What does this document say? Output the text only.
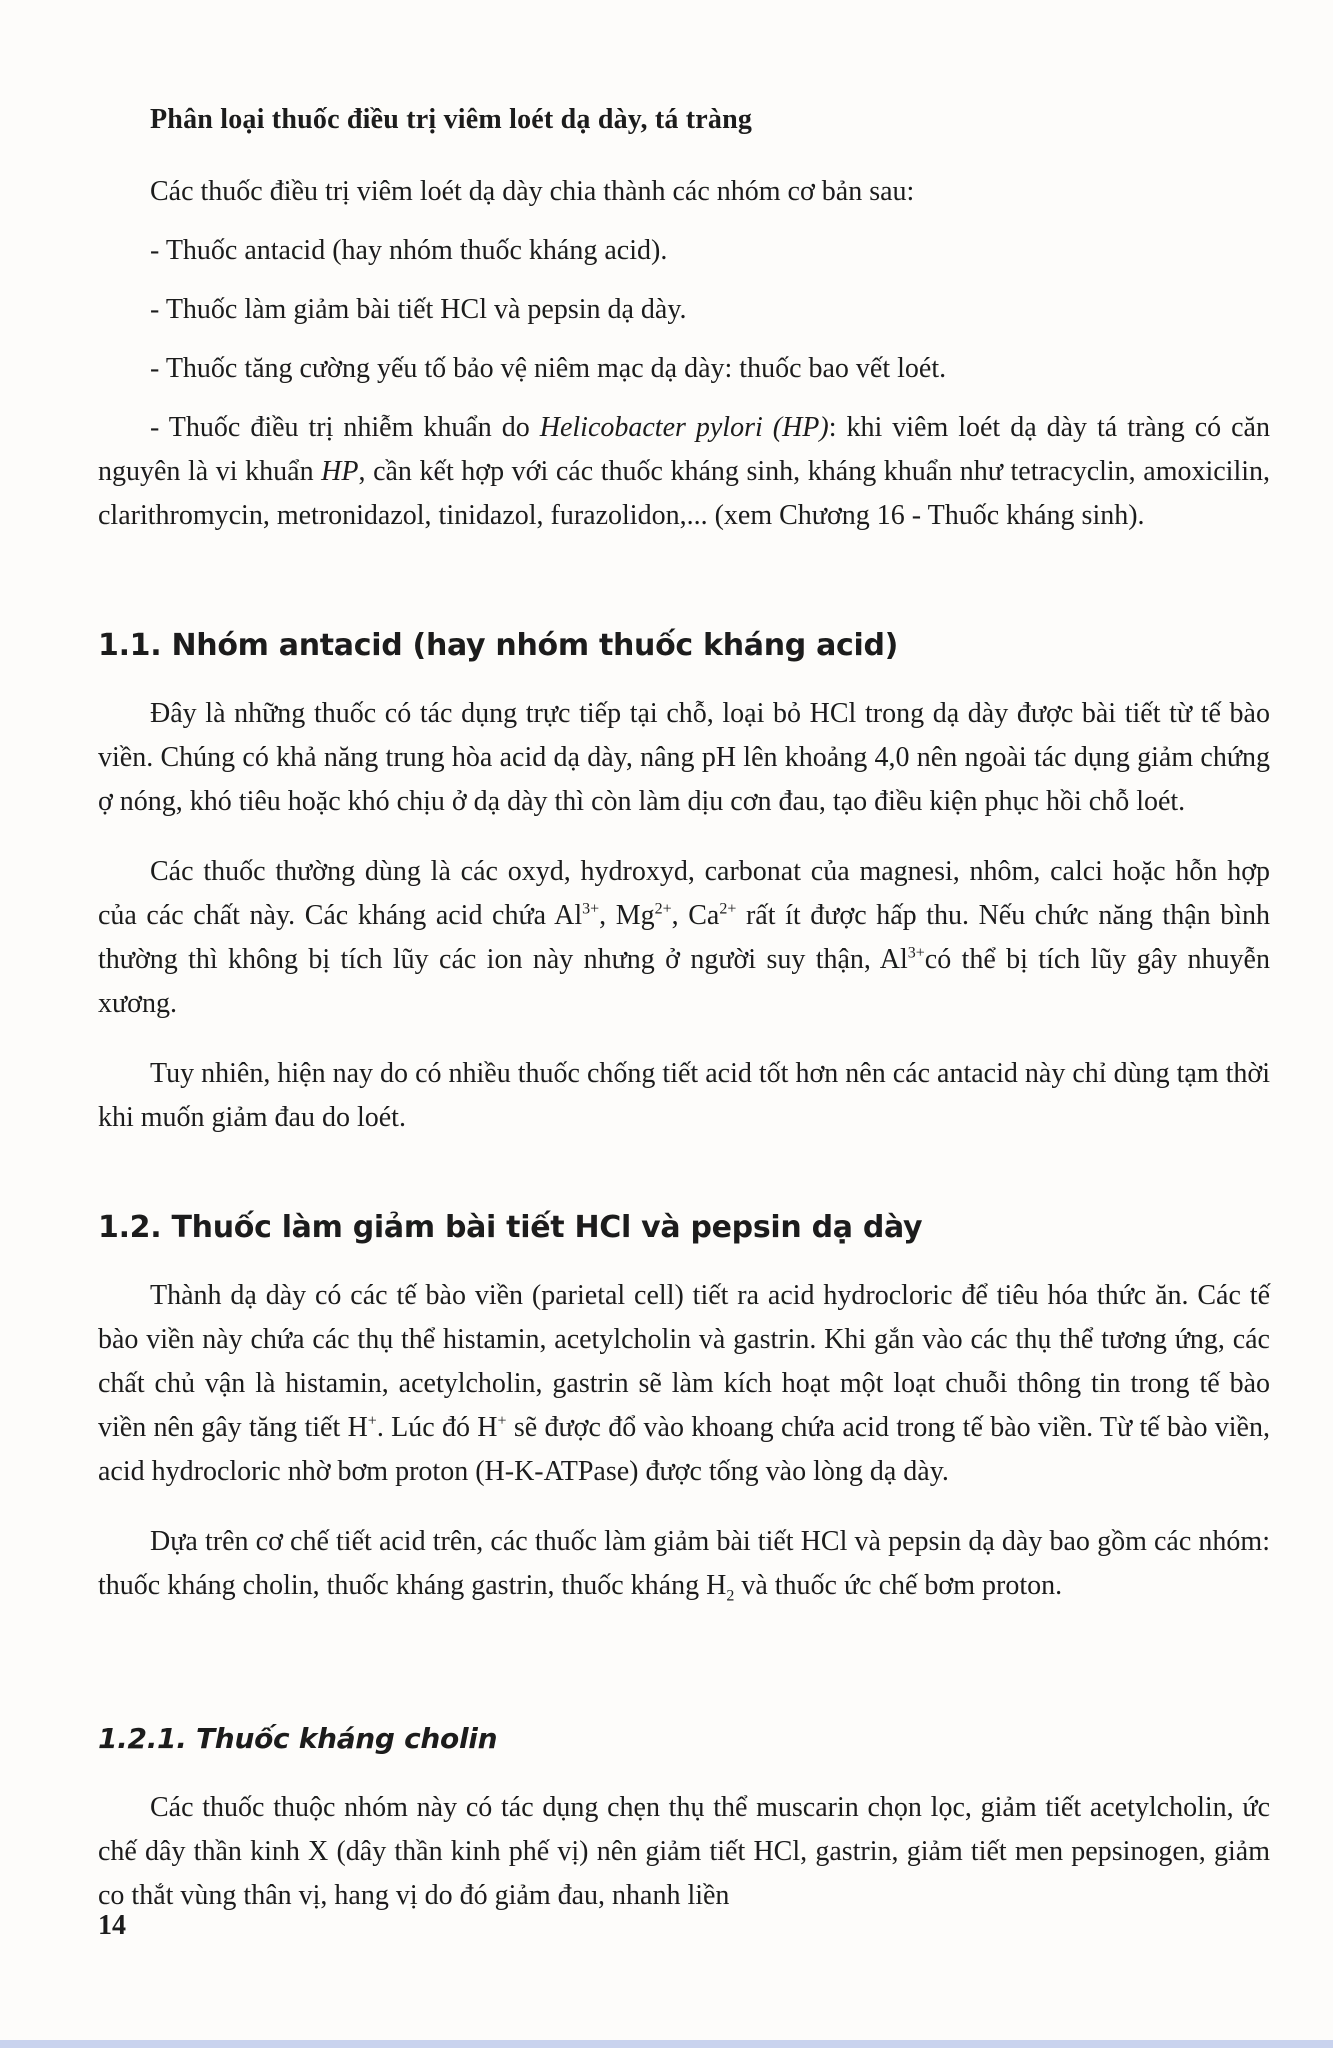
Phân loại thuốc điều trị viêm loét dạ dày, tá tràng

Các thuốc điều trị viêm loét dạ dày chia thành các nhóm cơ bản sau:

- Thuốc antacid (hay nhóm thuốc kháng acid).

- Thuốc làm giảm bài tiết HCl và pepsin dạ dày.

- Thuốc tăng cường yếu tố bảo vệ niêm mạc dạ dày: thuốc bao vết loét.

- Thuốc điều trị nhiễm khuẩn do Helicobacter pylori (HP): khi viêm loét dạ dày tá tràng có căn nguyên là vi khuẩn HP, cần kết hợp với các thuốc kháng sinh, kháng khuẩn như tetracyclin, amoxicilin, clarithromycin, metronidazol, tinidazol, furazolidon,... (xem Chương 16 - Thuốc kháng sinh).

1.1. Nhóm antacid (hay nhóm thuốc kháng acid)

Đây là những thuốc có tác dụng trực tiếp tại chỗ, loại bỏ HCl trong dạ dày được bài tiết từ tế bào viền. Chúng có khả năng trung hòa acid dạ dày, nâng pH lên khoảng 4,0 nên ngoài tác dụng giảm chứng ợ nóng, khó tiêu hoặc khó chịu ở dạ dày thì còn làm dịu cơn đau, tạo điều kiện phục hồi chỗ loét.

Các thuốc thường dùng là các oxyd, hydroxyd, carbonat của magnesi, nhôm, calci hoặc hỗn hợp của các chất này. Các kháng acid chứa $Al^{3+}$, $Mg^{2+}$, $Ca^{2+}$ rất ít được hấp thu. Nếu chức năng thận bình thường thì không bị tích lũy các ion này nhưng ở người suy thận, $Al^{3+}có$ thể bị tích lũy gây nhuyễn xương.

Tuy nhiên, hiện nay do có nhiều thuốc chống tiết acid tốt hơn nên các antacid này chỉ dùng tạm thời khi muốn giảm đau do loét.

1.2. Thuốc làm giảm bài tiết HCl và pepsin dạ dày

Thành dạ dày có các tế bào viền (parietal cell) tiết ra acid hydrocloric để tiêu hóa thức ăn. Các tế bào viền này chứa các thụ thể histamin, acetylcholin và gastrin. Khi gắn vào các thụ thể tương ứng, các chất chủ vận là histamin, acetylcholin, gastrin sẽ làm kích hoạt một loạt chuỗi thông tin trong tế bào viền nên gây tăng tiết H+. Lúc đó H+ sẽ được đổ vào khoang chứa acid trong tế bào viền. Từ tế bào viền, acid hydrocloric nhờ bơm proton (H-K-ATPase) được tống vào lòng dạ dày.

Dựa trên cơ chế tiết acid trên, các thuốc làm giảm bài tiết HCl và pepsin dạ dày bao gồm các nhóm: thuốc kháng cholin, thuốc kháng gastrin, thuốc kháng $H_2$ và thuốc ức chế bơm proton.

1.2.1. Thuốc kháng cholin

Các thuốc thuộc nhóm này có tác dụng chẹn thụ thể muscarin chọn lọc, giảm tiết acetylcholin, ức chế dây thần kinh X (dây thần kinh phế vị) nên giảm tiết HCl, gastrin, giảm tiết men pepsinogen, giảm co thắt vùng thân vị, hang vị do đó giảm đau, nhanh liền

14
